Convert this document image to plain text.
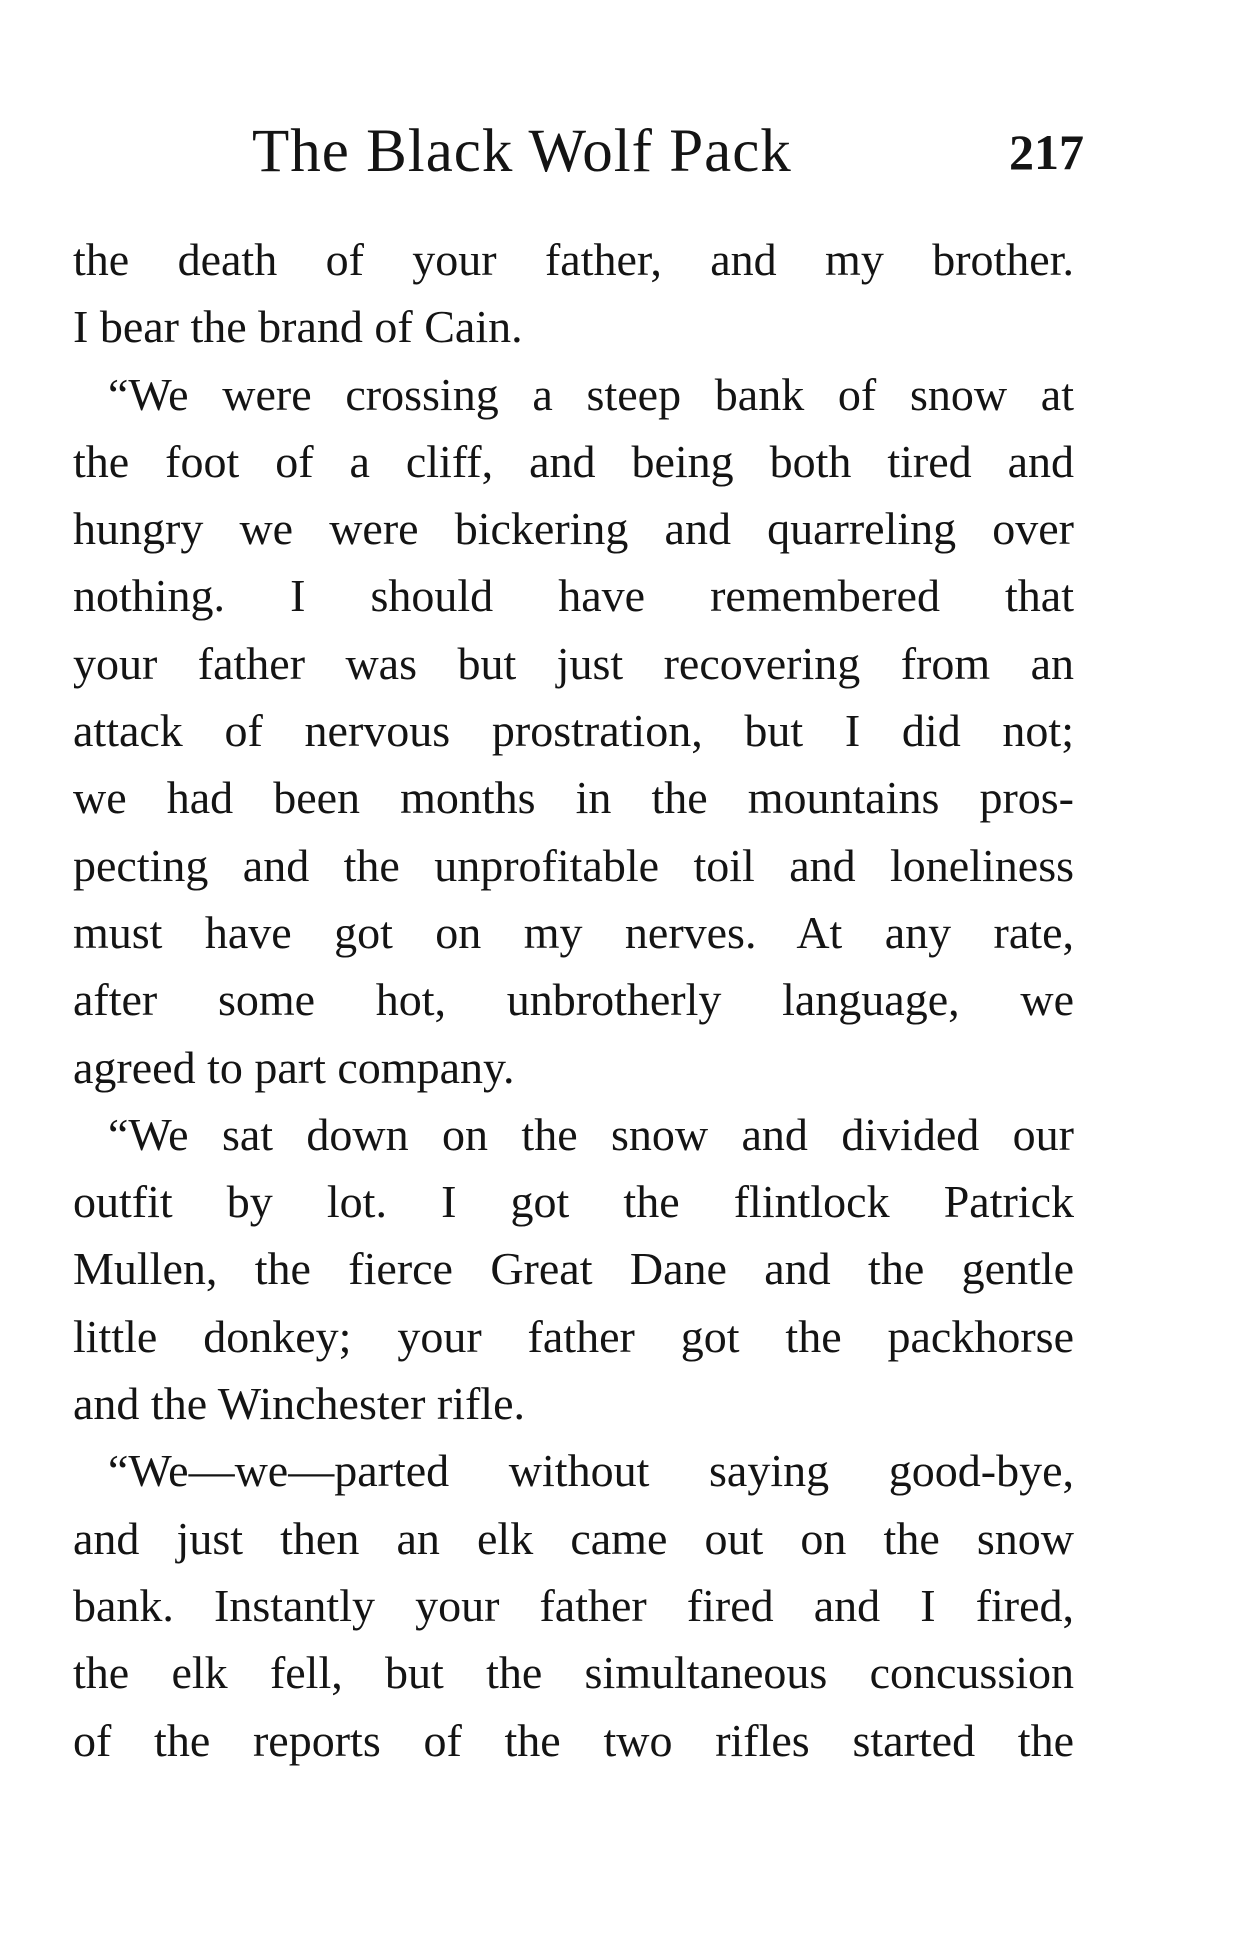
The Black Wolf Pack	217
the death of your father, and my brother.
I bear the brand of Cain.
“We were crossing a steep bank of snow at
the foot of a cliff, and being both tired and
hungry we were bickering and quarreling over
nothing. I should have remembered that
your father was but just recovering from an
attack of nervous prostration, but I did not;
we had been months in the mountains pros-
pecting and the unprofitable toil and loneliness
must have got on my nerves. At any rate,
after some hot, unbrotherly language, we
agreed to part company.
“We sat down on the snow and divided our
outfit by lot. I got the flintlock Patrick
Mullen, the fierce Great Dane and the gentle
little donkey; your father got the packhorse
and the Winchester rifle.
“We—we—parted without saying good-bye,
and just then an elk came out on the snow
bank. Instantly your father fired and I fired,
the elk fell, but the simultaneous concussion
of the reports of the two rifles started the
